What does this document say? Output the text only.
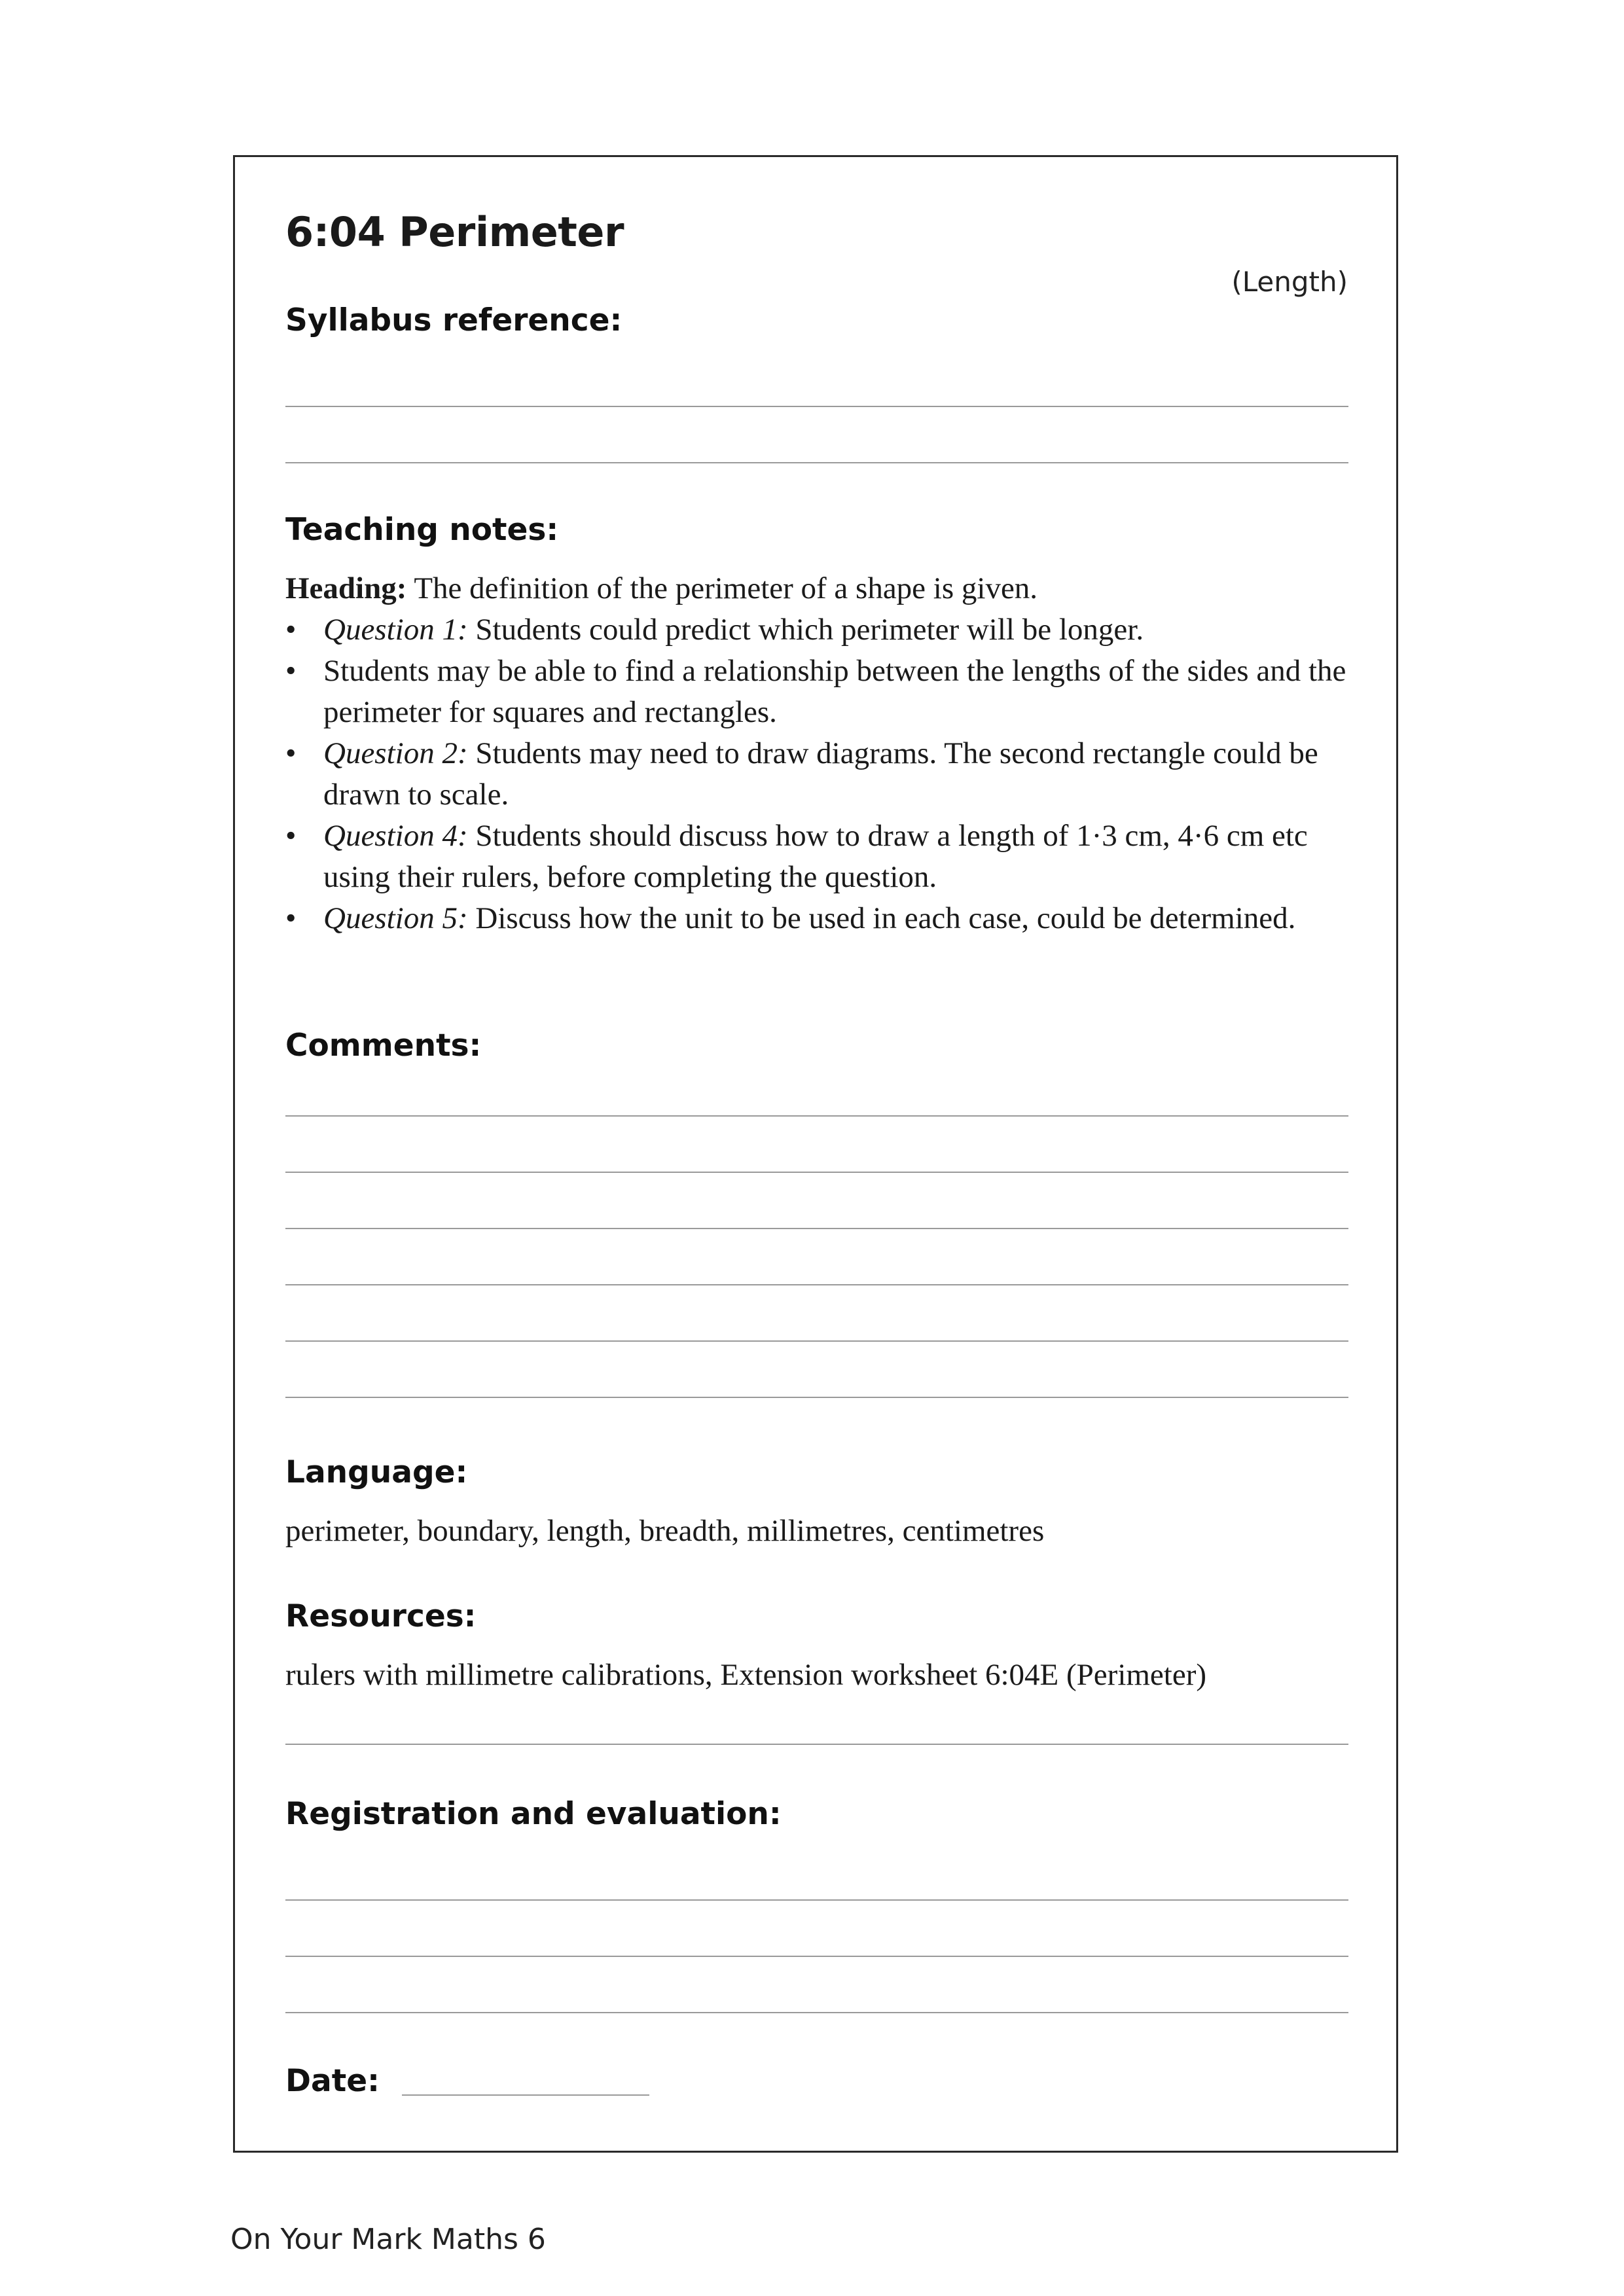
6:04 Perimeter
(Length)
Syllabus reference:
Teaching notes:
Heading: The definition of the perimeter of a shape is given.
• Question 1: Students could predict which perimeter will be longer.
• Students may be able to find a relationship between the lengths of the sides and the perimeter for squares and rectangles.
• Question 2: Students may need to draw diagrams. The second rectangle could be drawn to scale.
• Question 4: Students should discuss how to draw a length of 1·3 cm, 4·6 cm etc using their rulers, before completing the question.
• Question 5: Discuss how the unit to be used in each case, could be determined.
Comments:
Language:

perimeter, boundary, length, breadth, millimetres, centimetres

Resources:

rulers with millimetre calibrations, Extension worksheet 6:04E (Perimeter)

Registration and evaluation:
Date:
On Your Mark Maths 6
